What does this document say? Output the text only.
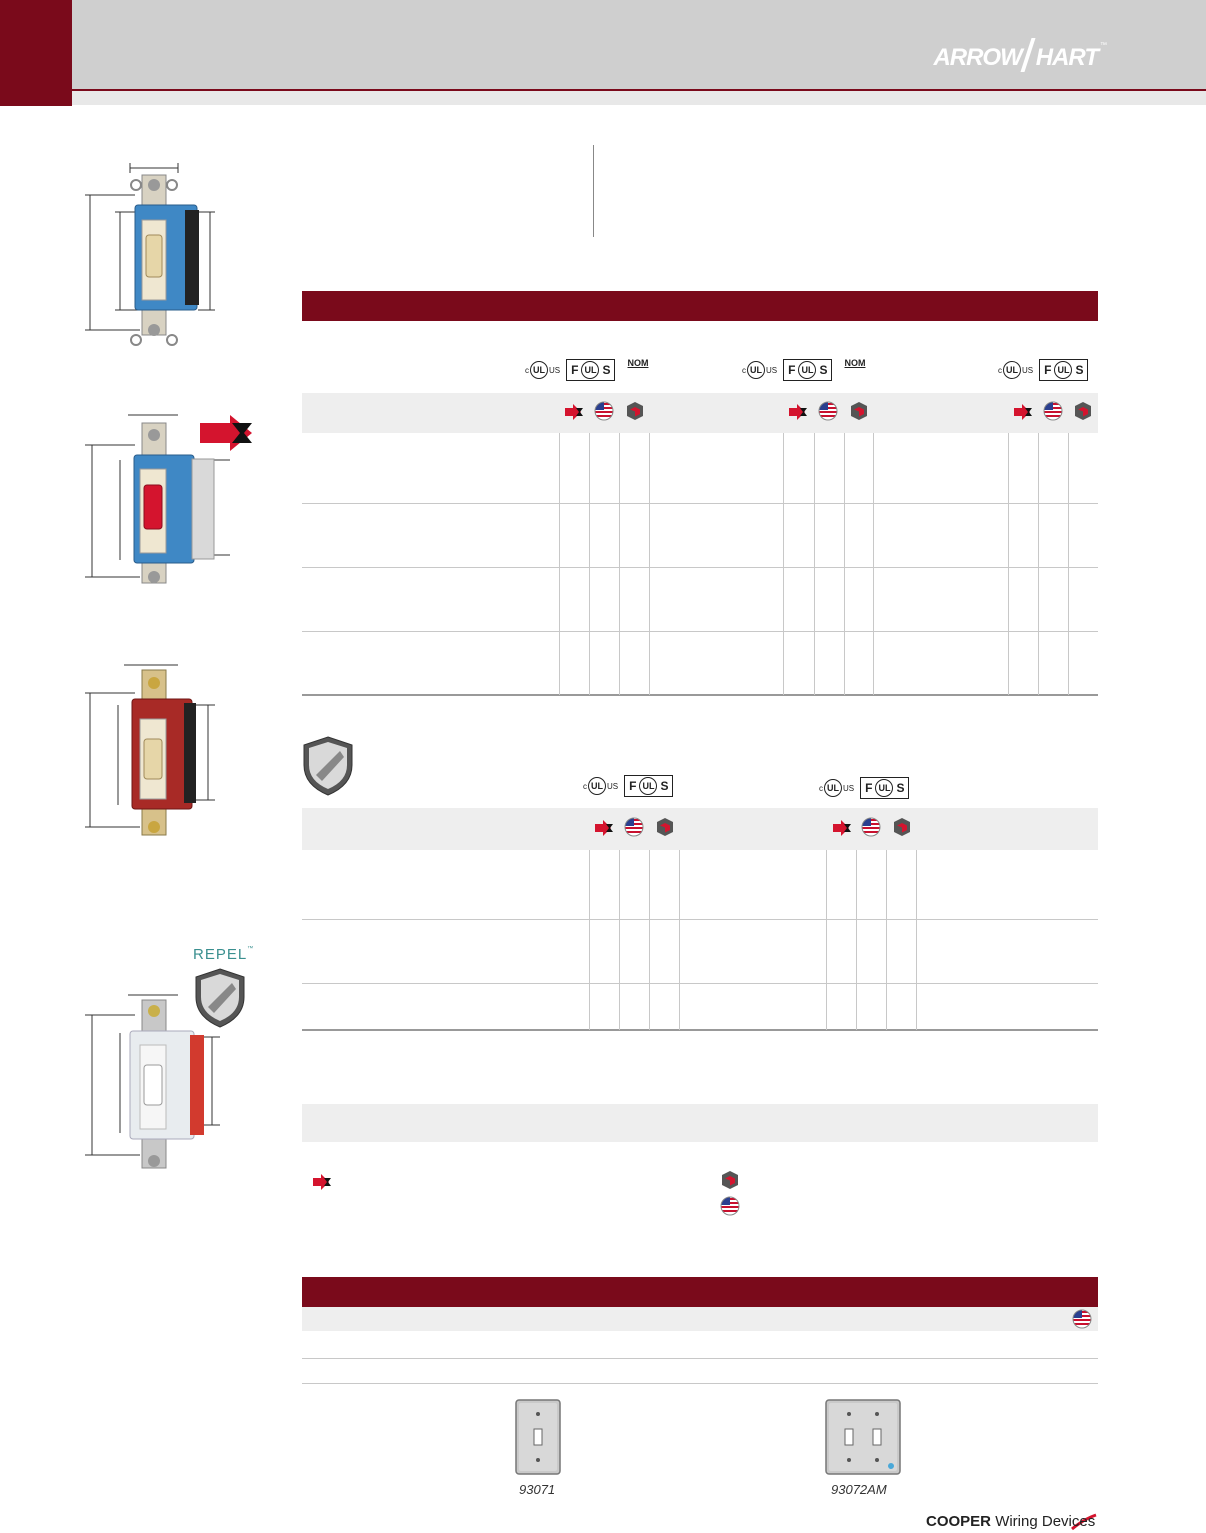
ARROW HART ™
REPEL™
c UL US F UL S NOM
c UL US F UL S NOM
c UL US F UL S
c UL US F UL S	c UL US F UL S
93071	93072AM
COOPER Wiring Devices
